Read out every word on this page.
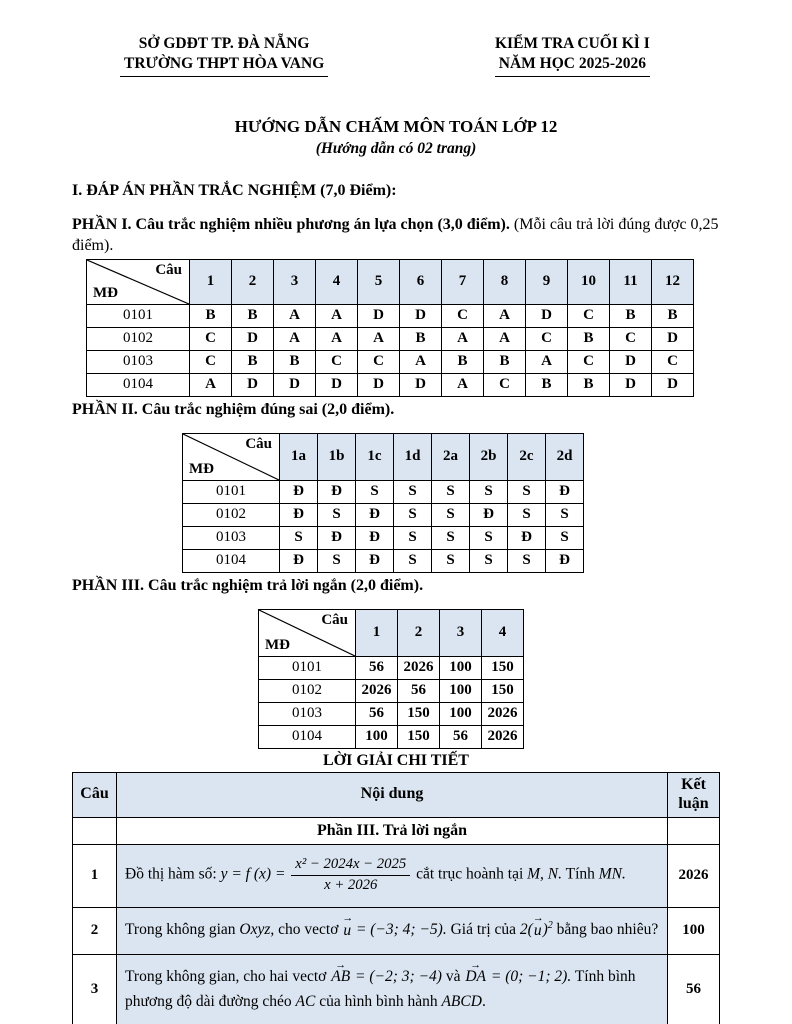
SỞ GDĐT TP. ĐÀ NẴNG
TRƯỜNG THPT HÒA VANG
KIỂM TRA CUỐI KÌ I
NĂM HỌC 2025-2026
HƯỚNG DẪN CHẤM MÔN TOÁN LỚP 12
(Hướng dẫn có 02 trang)
I. ĐÁP ÁN PHẦN TRẮC NGHIỆM (7,0 Điểm):

PHẦN I. Câu trắc nghiệm nhiều phương án lựa chọn (3,0 điểm). (Mỗi câu trả lời đúng được 0,25 điểm).

Câu
MĐ	1	2	3	4	5	6	7	8	9	10	11	12
0101	B	B	A	A	D	D	C	A	D	C	B	B
0102	C	D	A	A	A	B	A	A	C	B	C	D
0103	C	B	B	C	C	A	B	B	A	C	D	C
0104	A	D	D	D	D	D	A	C	B	B	D	D
PHẦN II. Câu trắc nghiệm đúng sai (2,0 điểm).
Câu
MĐ	1a	1b	1c	1d	2a	2b	2c	2d
0101	Đ	Đ	S	S	S	S	S	Đ
0102	Đ	S	Đ	S	S	Đ	S	S
0103	S	Đ	Đ	S	S	S	Đ	S
0104	Đ	S	Đ	S	S	S	S	Đ
PHẦN III. Câu trắc nghiệm trả lời ngắn (2,0 điểm).
Câu
MĐ	1	2	3	4
0101	56	2026	100	150
0102	2026	56	100	150
0103	56	150	100	2026
0104	100	150	56	2026
LỜI GIẢI CHI TIẾT
Câu	Nội dung	Kết luận
	Phần III. Trả lời ngắn	
1	Đồ thị hàm số: y = f $(x) = \frac{\text{x² − 2024x − 2025}}{x + 2026}$ cắt trục hoành tại M, N. Tính MN.	2026
2	Trong không gian Oxyz, cho vectơ u → = (−3; 4; −5). Giá trị của $2(u \to)^2$ bằng bao nhiêu?	100
3	Trong không gian, cho hai vectơ AB → = (−2; 3; −4) và DA → = (0; −1; 2). Tính bình phương độ dài đường chéo AC của hình bình hành ABCD.	56
